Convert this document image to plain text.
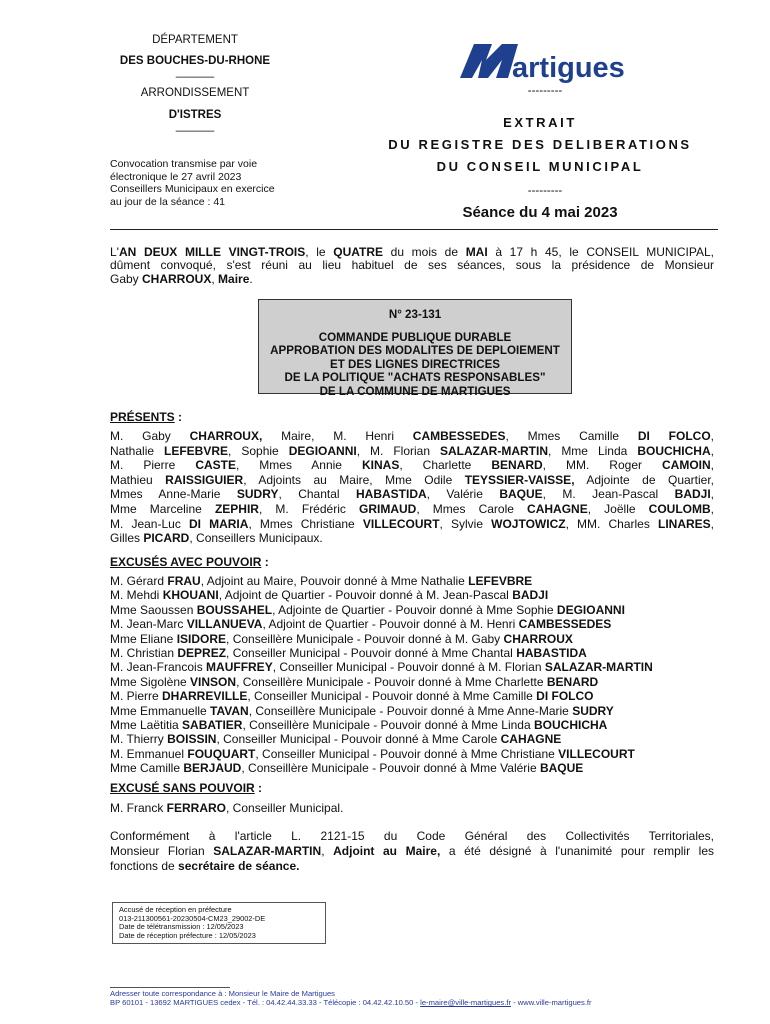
DÉPARTEMENT
DES BOUCHES-DU-RHONE
______
ARRONDISSEMENT
D'ISTRES
______
artigues
---------
Convocation transmise par voie
électronique le 27 avril 2023
Conseillers Municipaux en exercice
au jour de la séance : 41
EXTRAIT
DU REGISTRE DES DELIBERATIONS
DU CONSEIL MUNICIPAL
---------
Séance du 4 mai 2023
L'AN DEUX MILLE VINGT-TROIS, le QUATRE du mois de MAI à 17 h 45, le CONSEIL MUNICIPAL,
dûment convoqué, s'est réuni au lieu habituel de ses séances, sous la présidence de Monsieur
Gaby CHARROUX, Maire.
N° 23-131
COMMANDE PUBLIQUE DURABLE
APPROBATION DES MODALITES DE DEPLOIEMENT
ET DES LIGNES DIRECTRICES
DE LA POLITIQUE "ACHATS RESPONSABLES"
DE LA COMMUNE DE MARTIGUES
PRÉSENTS :
M. Gaby CHARROUX, Maire, M. Henri CAMBESSEDES, Mmes Camille DI FOLCO,
Nathalie LEFEBVRE, Sophie DEGIOANNI, M. Florian SALAZAR-MARTIN, Mme Linda BOUCHICHA,
M. Pierre CASTE, Mmes Annie KINAS, Charlette BENARD, MM. Roger CAMOIN,
Mathieu RAISSIGUIER, Adjoints au Maire, Mme Odile TEYSSIER-VAISSE, Adjointe de Quartier,
Mmes Anne-Marie SUDRY, Chantal HABASTIDA, Valérie BAQUE, M. Jean-Pascal BADJI,
Mme Marceline ZEPHIR, M. Frédéric GRIMAUD, Mmes Carole CAHAGNE, Joëlle COULOMB,
M. Jean-Luc DI MARIA, Mmes Christiane VILLECOURT, Sylvie WOJTOWICZ, MM. Charles LINARES,
Gilles PICARD, Conseillers Municipaux.
EXCUSÉS AVEC POUVOIR :
M. Gérard FRAU, Adjoint au Maire, Pouvoir donné à Mme Nathalie LEFEVBRE
M. Mehdi KHOUANI, Adjoint de Quartier - Pouvoir donné à M. Jean-Pascal BADJI
Mme Saoussen BOUSSAHEL, Adjointe de Quartier - Pouvoir donné à Mme Sophie DEGIOANNI
M. Jean-Marc VILLANUEVA, Adjoint de Quartier - Pouvoir donné à M. Henri CAMBESSEDES
Mme Eliane ISIDORE, Conseillère Municipale - Pouvoir donné à M. Gaby CHARROUX
M. Christian DEPREZ, Conseiller Municipal - Pouvoir donné à Mme Chantal HABASTIDA
M. Jean-Francois MAUFFREY, Conseiller Municipal - Pouvoir donné à M. Florian SALAZAR-MARTIN
Mme Sigolène VINSON, Conseillère Municipale - Pouvoir donné à Mme Charlette BENARD
M. Pierre DHARREVILLE, Conseiller Municipal - Pouvoir donné à Mme Camille DI FOLCO
Mme Emmanuelle TAVAN, Conseillère Municipale - Pouvoir donné à Mme Anne-Marie SUDRY
Mme Laëtitia SABATIER, Conseillère Municipale - Pouvoir donné à Mme Linda BOUCHICHA
M. Thierry BOISSIN, Conseiller Municipal - Pouvoir donné à Mme Carole CAHAGNE
M. Emmanuel FOUQUART, Conseiller Municipal - Pouvoir donné à Mme Christiane VILLECOURT
Mme Camille BERJAUD, Conseillère Municipale - Pouvoir donné à Mme Valérie BAQUE
EXCUSÉ SANS POUVOIR :
M. Franck FERRARO, Conseiller Municipal.
Conformément à l'article L. 2121-15 du Code Général des Collectivités Territoriales,
Monsieur Florian SALAZAR-MARTIN, Adjoint au Maire, a été désigné à l'unanimité pour remplir les
fonctions de secrétaire de séance.
Accusé de réception en préfecture
013-211300561-20230504-CM23_29002-DE
Date de télétransmission : 12/05/2023
Date de réception préfecture : 12/05/2023
Adresser toute correspondance à : Monsieur le Maire de Martigues
BP 60101 - 13692 MARTIGUES cedex - Tél. : 04.42.44.33.33 - Télécopie : 04.42.42.10.50 - le-maire@ville-martigues.fr - www.ville-martigues.fr
